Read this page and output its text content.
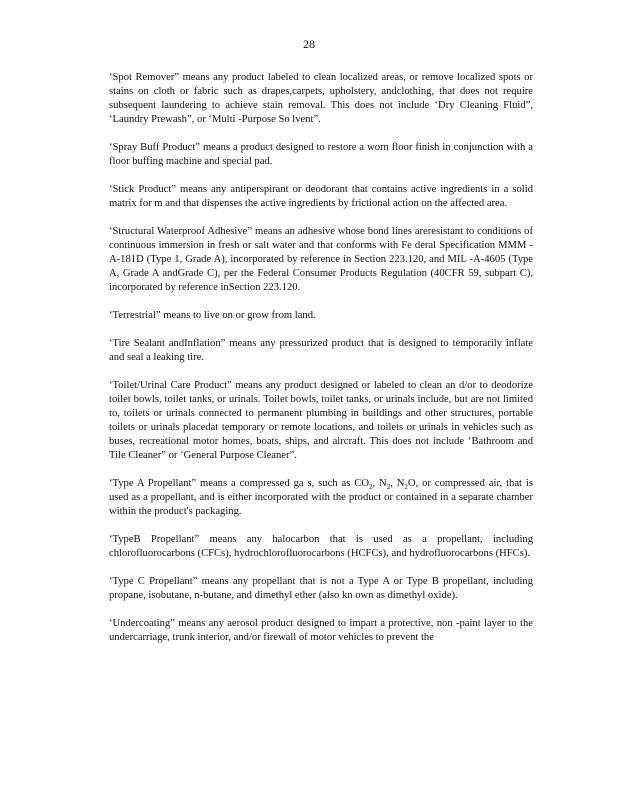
28

‘Spot Remover” means any product labeled to clean localized areas, or remove localized spots or stains on cloth or fabric such as drapes,carpets, upholstery, andclothing, that does not require subsequent laundering to achieve stain removal. This does not include ‘Dry Cleaning Fluid”, ‘Laundry Prewash”, or ‘Multi -Purpose So lvent”.

‘Spray Buff Product” means a product designed to restore a worn floor finish in conjunction with a floor buffing machine and special pad.

‘Stick Product” means any antiperspirant or deodorant that contains active ingredients in a solid matrix for m and that dispenses the active ingredients by frictional action on the affected area.

‘Structural Waterproof Adhesive” means an adhesive whose bond lines areresistant to conditions of continuous immersion in fresh or salt water and that conforms with Fe deral Specification MMM -A-181D (Type 1, Grade A), incorporated by reference in Section 223.120, and MIL -A-4605 (Type A, Grade A andGrade C), per the Federal Consumer Products Regulation (40CFR 59, subpart C), incorporated by reference inSection 223.120.

‘Terrestrial” means to live on or grow from land.

‘Tire Sealant andInflation” means any pressurized product that is designed to temporarily inflate and seal a leaking tire.

‘Toilet/Urinal Care Product” means any product designed or labeled to clean an d/or to deodorize toilet bowls, toilet tanks, or urinals. Toilet bowls, toilet tanks, or urinals include, but are not limited to, toilets or urinals connected to permanent plumbing in buildings and other structures, portable toilets or urinals placedat temporary or remote locations, and toilets or urinals in vehicles such as buses, recreational motor homes, boats, ships, and aircraft. This does not include ‘Bathroom and Tile Cleaner” or ‘General Purpose Cleaner”.

‘Type A Propellant” means a compressed ga s, such as $CO_2$, $N_2$, $N_2O$, or compressed air, that is used as a propellant, and is either incorporated with the product or contained in a separate chamber within the product's packaging.

‘TypeB Propellant” means any halocarbon that is used as a propellant, including chlorofluorocarbons (CFCs), hydrochlorofluorocarbons (HCFCs), and hydrofluorocarbons (HFCs).

‘Type C Propellant” means any propellant that is not a Type A or Type B propellant, including propane, isobutane, n-butane, and dimethyl ether (also kn own as dimethyl oxide).

‘Undercoating” means any aerosol product designed to impart a protective, non -paint layer to the undercarriage, trunk interior, and/or firewall of motor vehicles to prevent the
